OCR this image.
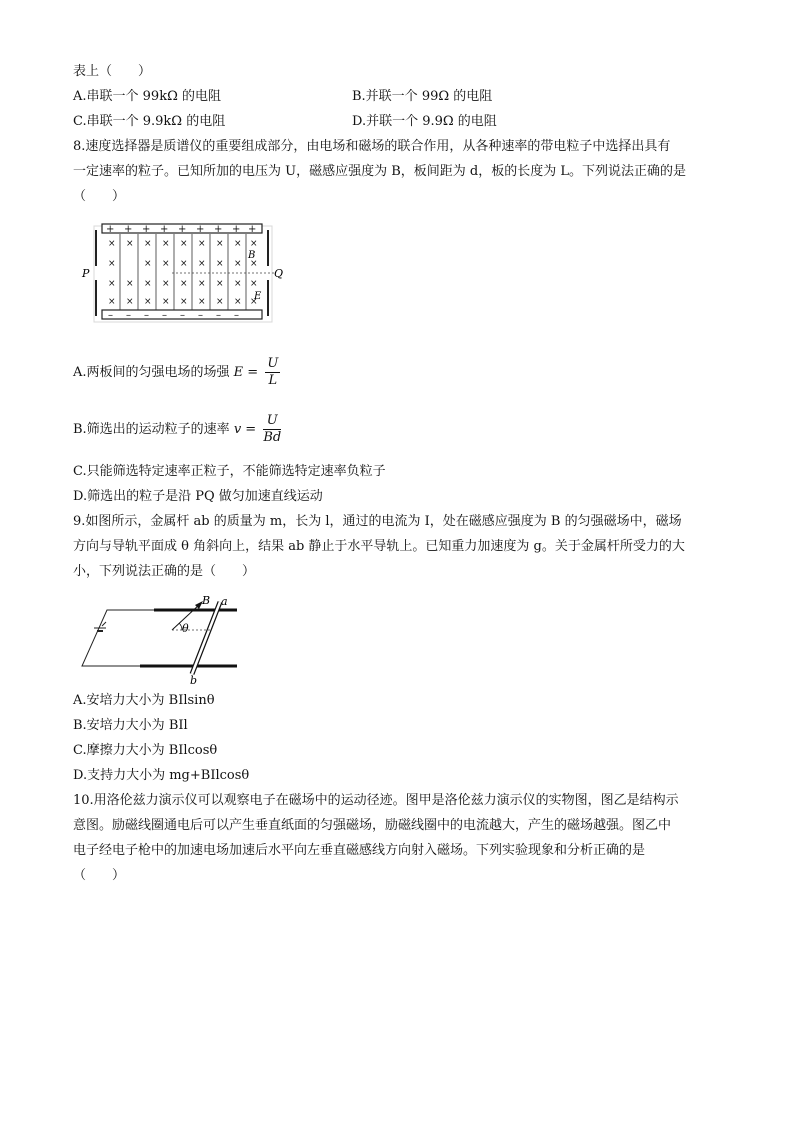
表上（　　）
A.串联一个 99kΩ 的电阻	B.并联一个 99Ω 的电阻
C.串联一个 9.9kΩ 的电阻	D.并联一个 9.9Ω 的电阻
8.速度选择器是质谱仪的重要组成部分，由电场和磁场的联合作用，从各种速率的带电粒子中选择出具有
一定速率的粒子。已知所加的电压为 U，磁感应强度为 B，板间距为 d，板的长度为 L。下列说法正确的是
（　　）
+ + + + + + + + +
– – – – – – – –
× × × × × × × × ×
×	× × × × × × ×
× × × × × × × × ×
× × × × × × × × ×
P	Q
B
E
A.两板间的匀强电场的场强 $E = \frac{U}{L}$
B.筛选出的运动粒子的速率 $v = \frac{U}{Bd}$
C.只能筛选特定速率正粒子，不能筛选特定速率负粒子
D.筛选出的粒子是沿 PQ 做匀加速直线运动
9.如图所示，金属杆 ab 的质量为 m，长为 l，通过的电流为 I，处在磁感应强度为 B 的匀强磁场中，磁场
方向与导轨平面成 θ 角斜向上，结果 ab 静止于水平导轨上。已知重力加速度为 g。关于金属杆所受力的大
小，下列说法正确的是（　　）
B a
b
θ
A.安培力大小为 BIlsinθ
B.安培力大小为 BIl
C.摩擦力大小为 BIlcosθ
D.支持力大小为 mg+BIlcosθ
10.用洛伦兹力演示仪可以观察电子在磁场中的运动径迹。图甲是洛伦兹力演示仪的实物图，图乙是结构示
意图。励磁线圈通电后可以产生垂直纸面的匀强磁场，励磁线圈中的电流越大，产生的磁场越强。图乙中
电子经电子枪中的加速电场加速后水平向左垂直磁感线方向射入磁场。下列实验现象和分析正确的是
（　　）
